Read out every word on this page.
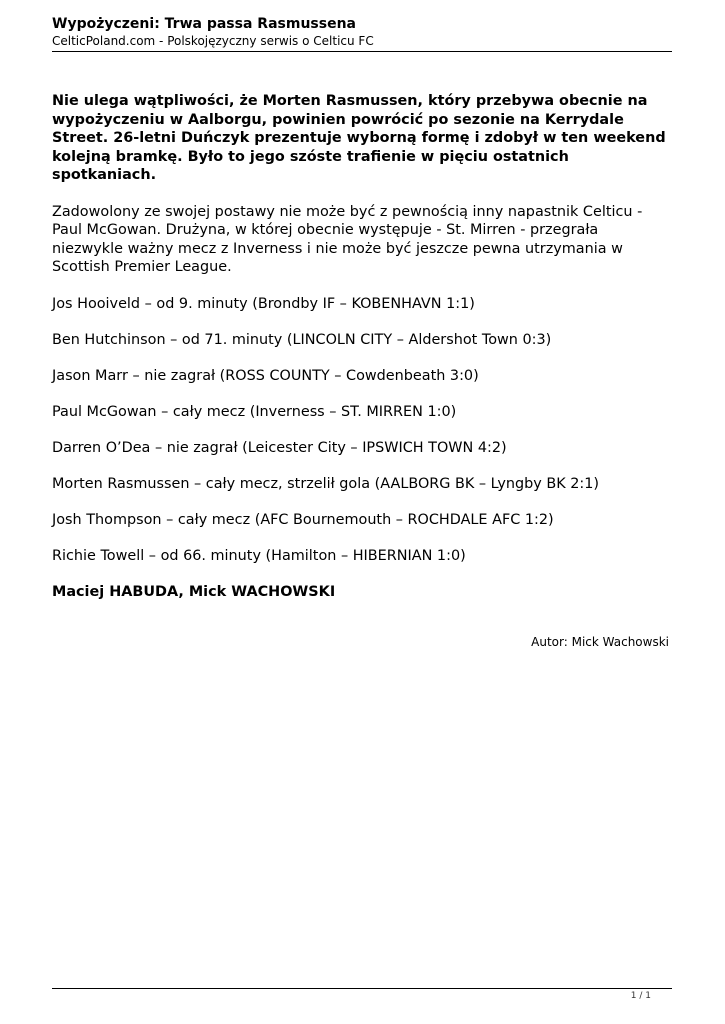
Wypożyczeni: Trwa passa Rasmussena
CelticPoland.com - Polskojęzyczny serwis o Celticu FC

Nie ulega wątpliwości, że Morten Rasmussen, który przebywa obecnie na wypożyczeniu w Aalborgu, powinien powrócić po sezonie na Kerrydale Street. 26-letni Duńczyk prezentuje wyborną formę i zdobył w ten weekend kolejną bramkę. Było to jego szóste trafienie w pięciu ostatnich spotkaniach.

Zadowolony ze swojej postawy nie może być z pewnością inny napastnik Celticu - Paul McGowan. Drużyna, w której obecnie występuje - St. Mirren - przegrała niezwykle ważny mecz z Inverness i nie może być jeszcze pewna utrzymania w Scottish Premier League.

Jos Hooiveld – od 9. minuty (Brondby IF – KOBENHAVN 1:1)
Ben Hutchinson – od 71. minuty (LINCOLN CITY – Aldershot Town 0:3)
Jason Marr – nie zagrał (ROSS COUNTY – Cowdenbeath 3:0)
Paul McGowan – cały mecz (Inverness – ST. MIRREN 1:0)
Darren O’Dea – nie zagrał (Leicester City – IPSWICH TOWN 4:2)
Morten Rasmussen – cały mecz, strzelił gola (AALBORG BK – Lyngby BK 2:1)
Josh Thompson – cały mecz (AFC Bournemouth – ROCHDALE AFC 1:2)
Richie Towell – od 66. minuty (Hamilton – HIBERNIAN 1:0)

Maciej HABUDA, Mick WACHOWSKI

Autor: Mick Wachowski
1 / 1
